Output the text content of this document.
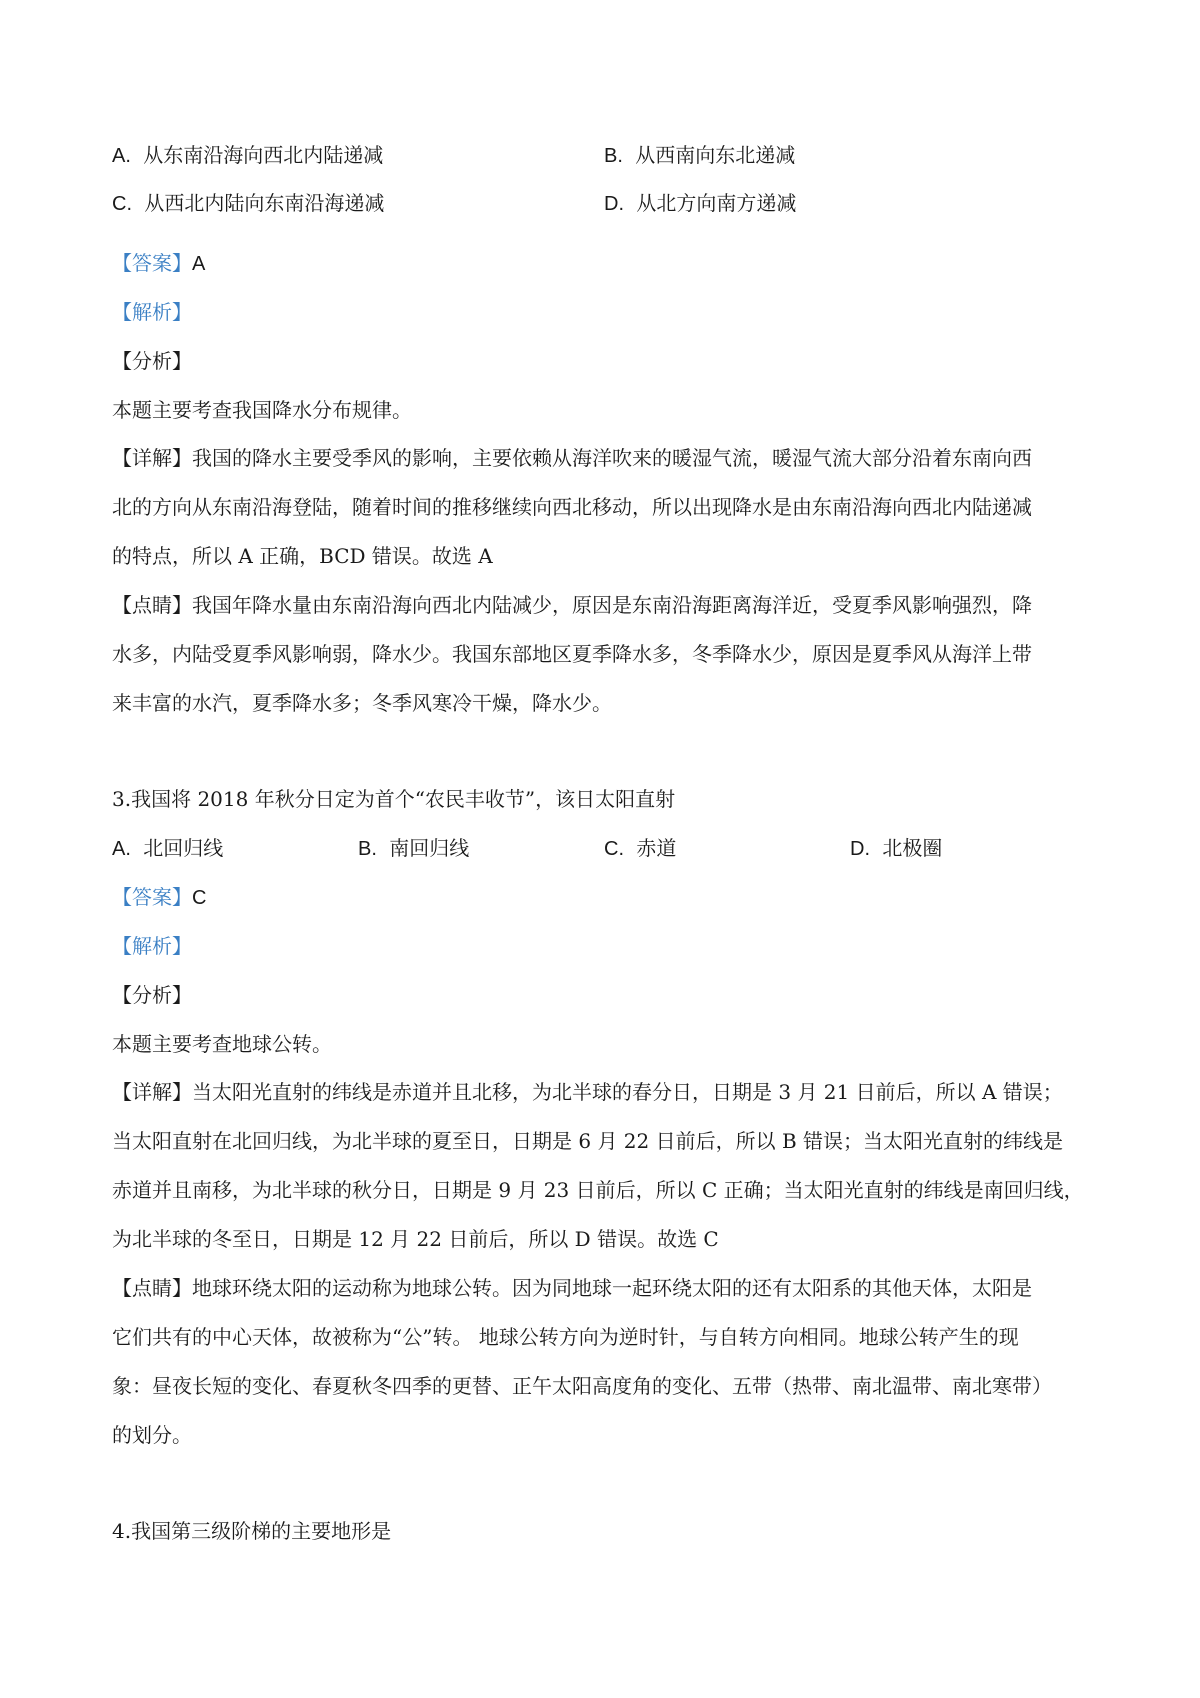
A. 从东南沿海向西北内陆递减	B. 从西南向东北递减
C. 从西北内陆向东南沿海递减	D. 从北方向南方递减
【答案】A
【解析】
【分析】
本题主要考查我国降水分布规律。
【详解】我国的降水主要受季风的影响，主要依赖从海洋吹来的暖湿气流，暖湿气流大部分沿着东南向西
北的方向从东南沿海登陆，随着时间的推移继续向西北移动，所以出现降水是由东南沿海向西北内陆递减
的特点，所以 A 正确，BCD 错误。故选 A
【点睛】我国年降水量由东南沿海向西北内陆减少，原因是东南沿海距离海洋近，受夏季风影响强烈，降
水多，内陆受夏季风影响弱，降水少。我国东部地区夏季降水多，冬季降水少，原因是夏季风从海洋上带
来丰富的水汽，夏季降水多；冬季风寒冷干燥，降水少。
3.我国将 2018 年秋分日定为首个“农民丰收节”，该日太阳直射
A. 北回归线	B. 南回归线	C. 赤道	D. 北极圈
【答案】C
【解析】
【分析】
本题主要考查地球公转。
【详解】当太阳光直射的纬线是赤道并且北移，为北半球的春分日，日期是 3 月 21 日前后，所以 A 错误；
当太阳直射在北回归线，为北半球的夏至日，日期是 6 月 22 日前后，所以 B 错误；当太阳光直射的纬线是
赤道并且南移，为北半球的秋分日，日期是 9 月 23 日前后，所以 C 正确；当太阳光直射的纬线是南回归线，
为北半球的冬至日，日期是 12 月 22 日前后，所以 D 错误。故选 C
【点睛】地球环绕太阳的运动称为地球公转。因为同地球一起环绕太阳的还有太阳系的其他天体，太阳是
它们共有的中心天体，故被称为“公”转。 地球公转方向为逆时针，与自转方向相同。地球公转产生的现
象：昼夜长短的变化、春夏秋冬四季的更替、正午太阳高度角的变化、五带（热带、南北温带、南北寒带）
的划分。
4.我国第三级阶梯的主要地形是
